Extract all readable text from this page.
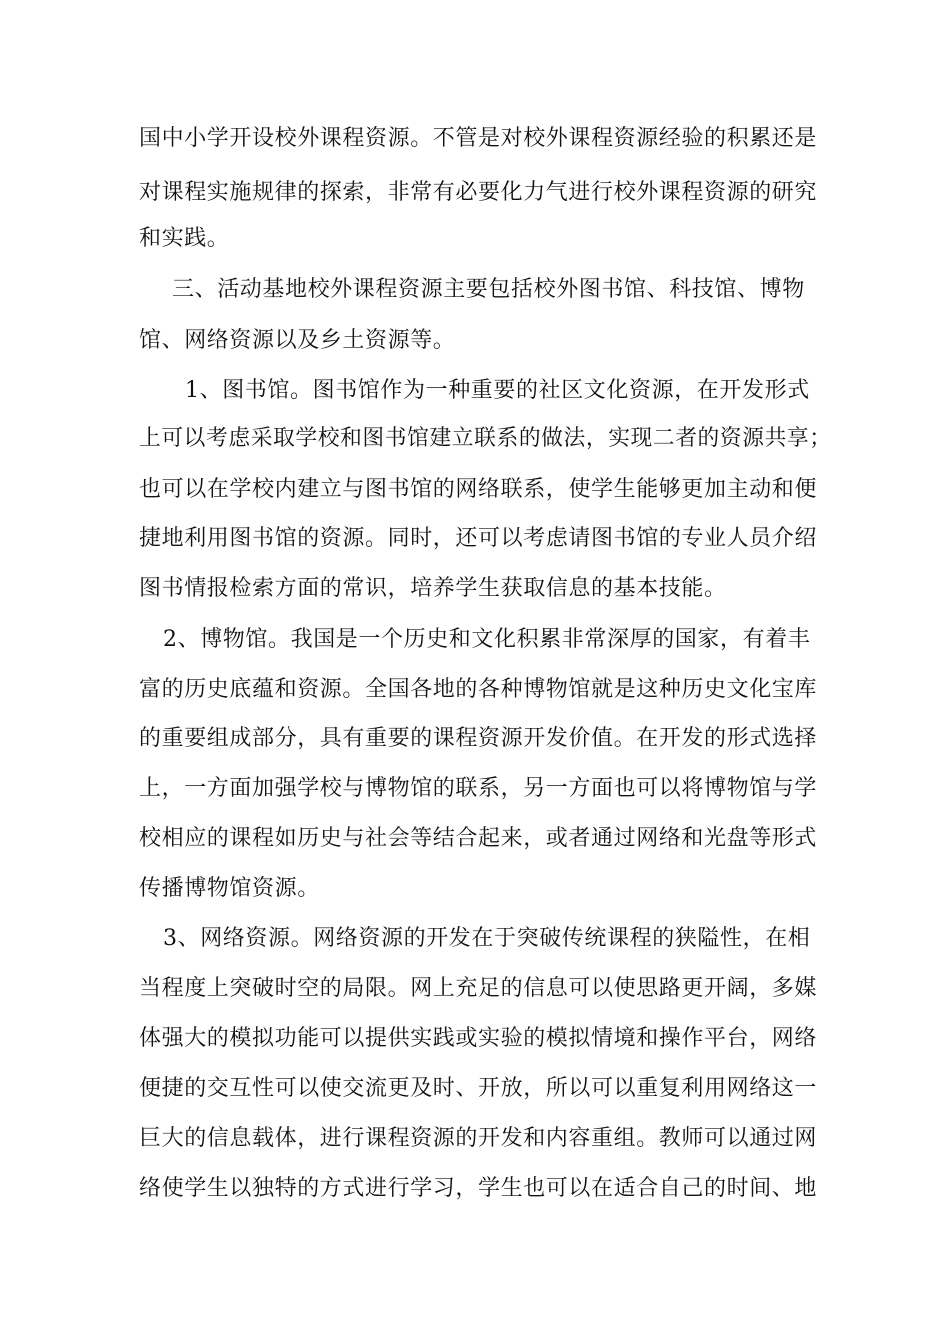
国中小学开设校外课程资源。不管是对校外课程资源经验的积累还是
对课程实施规律的探索，非常有必要化力气进行校外课程资源的研究
和实践。
三、活动基地校外课程资源主要包括校外图书馆、科技馆、博物
馆、网络资源以及乡土资源等。
1、图书馆。图书馆作为一种重要的社区文化资源，在开发形式
上可以考虑采取学校和图书馆建立联系的做法，实现二者的资源共享；
也可以在学校内建立与图书馆的网络联系，使学生能够更加主动和便
捷地利用图书馆的资源。同时，还可以考虑请图书馆的专业人员介绍
图书情报检索方面的常识，培养学生获取信息的基本技能。
2、博物馆。我国是一个历史和文化积累非常深厚的国家，有着丰
富的历史底蕴和资源。全国各地的各种博物馆就是这种历史文化宝库
的重要组成部分，具有重要的课程资源开发价值。在开发的形式选择
上，一方面加强学校与博物馆的联系，另一方面也可以将博物馆与学
校相应的课程如历史与社会等结合起来，或者通过网络和光盘等形式
传播博物馆资源。
3、网络资源。网络资源的开发在于突破传统课程的狭隘性，在相
当程度上突破时空的局限。网上充足的信息可以使思路更开阔，多媒
体强大的模拟功能可以提供实践或实验的模拟情境和操作平台，网络
便捷的交互性可以使交流更及时、开放，所以可以重复利用网络这一
巨大的信息载体，进行课程资源的开发和内容重组。教师可以通过网
络使学生以独特的方式进行学习，学生也可以在适合自己的时间、地
